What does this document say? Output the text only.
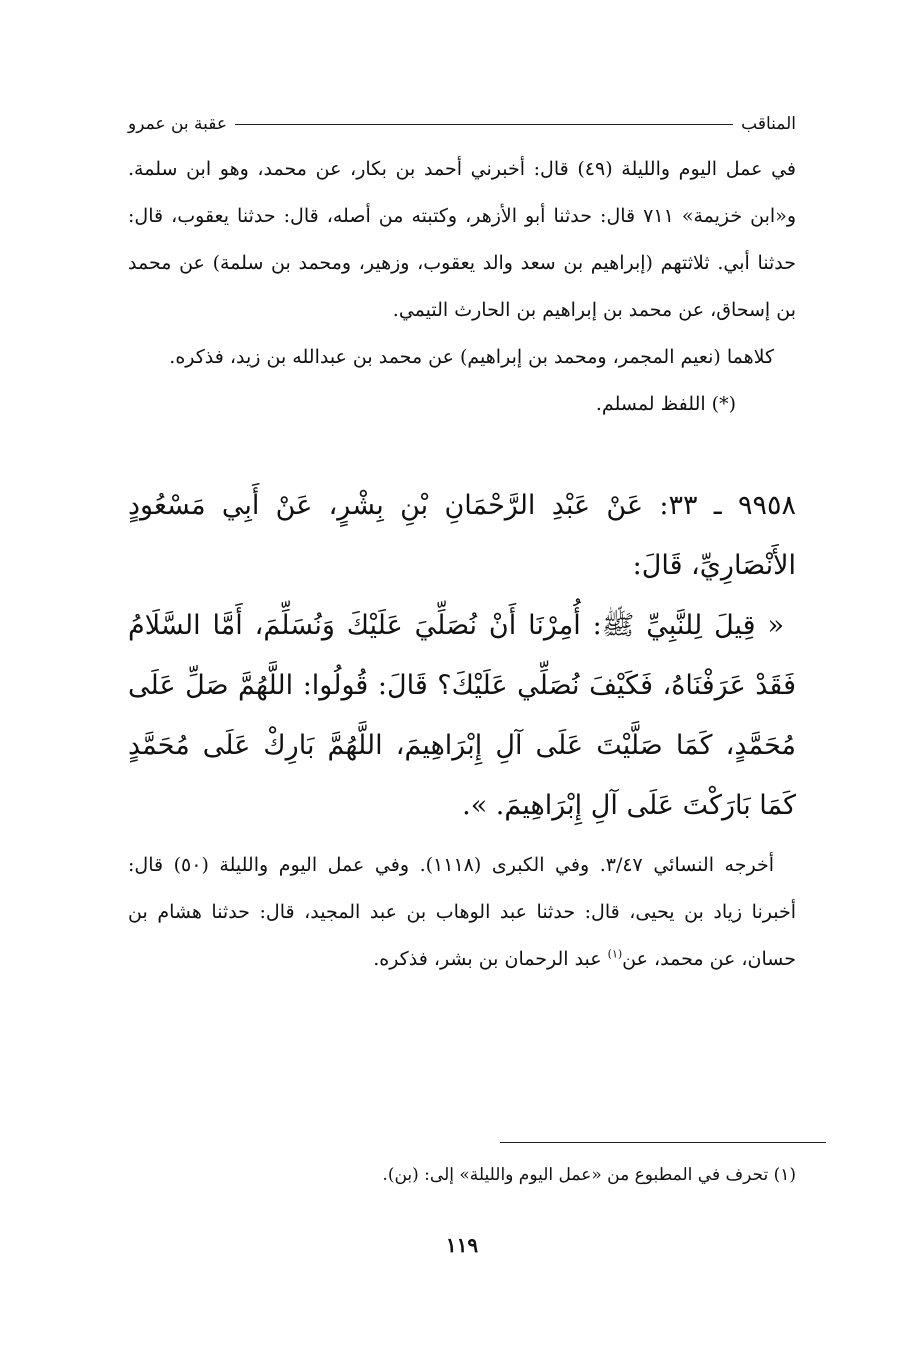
المناقب
عقبة بن عمرو

في عمل اليوم والليلة (٤٩) قال: أخبرني أحمد بن بكار، عن محمد، وهو ابن سلمة. و«ابن خزيمة» ٧١١ قال: حدثنا أبو الأزهر، وكتبته من أصله، قال: حدثنا يعقوب، قال: حدثنا أبي. ثلاثتهم (إبراهيم بن سعد والد يعقوب، وزهير، ومحمد بن سلمة) عن محمد بن إسحاق، عن محمد بن إبراهيم بن الحارث التيمي.

كلاهما (نعيم المجمر، ومحمد بن إبراهيم) عن محمد بن عبدالله بن زيد، فذكره.

(*) اللفظ لمسلم.

٩٩٥٨ ـ ٣٣: عَنْ عَبْدِ الرَّحْمَانِ بْنِ بِشْرٍ، عَنْ أَبِي مَسْعُودٍ الأَنْصَارِيِّ، قَالَ:
« قِيلَ لِلنَّبِيِّ ﷺ: أُمِرْنَا أَنْ نُصَلِّيَ عَلَيْكَ وَنُسَلِّمَ، أَمَّا السَّلَامُ فَقَدْ عَرَفْنَاهُ، فَكَيْفَ نُصَلِّي عَلَيْكَ؟ قَالَ: قُولُوا: اللَّهُمَّ صَلِّ عَلَى مُحَمَّدٍ، كَمَا صَلَّيْتَ عَلَى آلِ إِبْرَاهِيمَ، اللَّهُمَّ بَارِكْ عَلَى مُحَمَّدٍ كَمَا بَارَكْتَ عَلَى آلِ إِبْرَاهِيمَ. ».

أخرجه النسائي ٣/٤٧. وفي الكبرى (١١١٨). وفي عمل اليوم والليلة (٥٠) قال: أخبرنا زياد بن يحيى، قال: حدثنا عبد الوهاب بن عبد المجيد، قال: حدثنا هشام بن حسان، عن محمد، عن$^{(١)}$ عبد الرحمان بن بشر، فذكره.

(١) تحرف في المطبوع من «عمل اليوم والليلة» إلى: (بن).
١١٩
